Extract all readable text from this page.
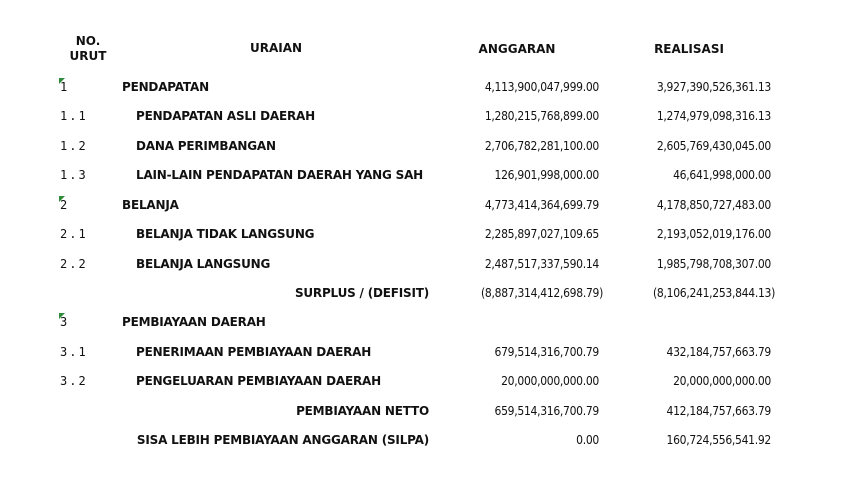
NO.
URUT
URAIAN	ANGGARAN	REALISASI
1	PENDAPATAN	4,113,900,047,999.00	3,927,390,526,361.13
1.1	PENDAPATAN ASLI DAERAH	1,280,215,768,899.00	1,274,979,098,316.13
1.2	DANA PERIMBANGAN	2,706,782,281,100.00	2,605,769,430,045.00
1.3	LAIN-LAIN PENDAPATAN DAERAH YANG SAH	126,901,998,000.00	46,641,998,000.00
2	BELANJA	4,773,414,364,699.79	4,178,850,727,483.00
2.1	BELANJA TIDAK LANGSUNG	2,285,897,027,109.65	2,193,052,019,176.00
2.2	BELANJA LANGSUNG	2,487,517,337,590.14	1,985,798,708,307.00
SURPLUS / (DEFISIT)	(8,887,314,412,698.79)	(8,106,241,253,844.13)
3	PEMBIAYAAN DAERAH
3.1	PENERIMAAN PEMBIAYAAN DAERAH	679,514,316,700.79	432,184,757,663.79
3.2	PENGELUARAN PEMBIAYAAN DAERAH	20,000,000,000.00	20,000,000,000.00
PEMBIAYAAN NETTO	659,514,316,700.79	412,184,757,663.79
SISA LEBIH PEMBIAYAAN ANGGARAN (SILPA)	0.00	160,724,556,541.92
